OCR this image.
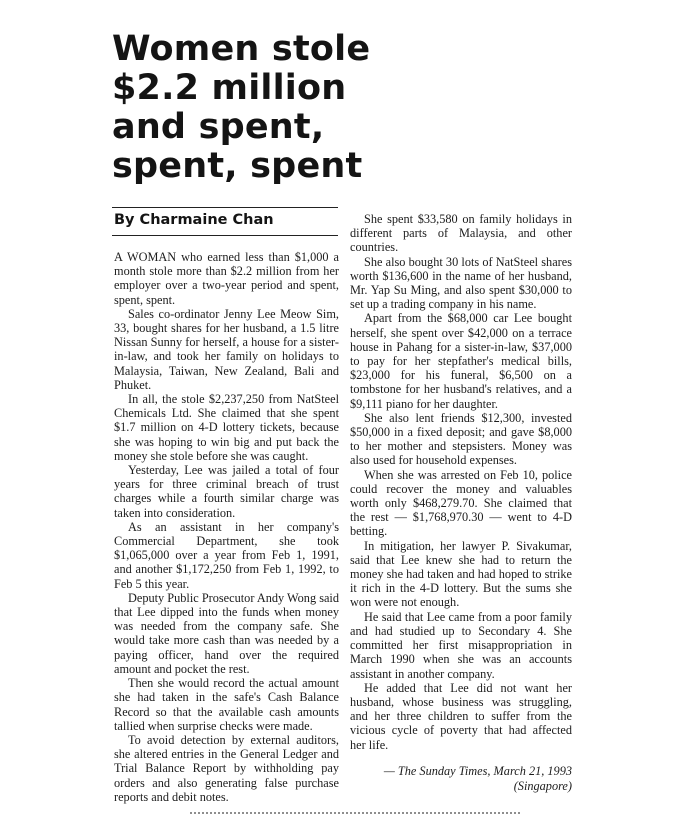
Women stole
$2.2 million
and spent,
spent, spent
By Charmaine Chan

A WOMAN who earned less than $1,000 a month stole more than $2.2 million from her employer over a two-year period and spent, spent, spent.

Sales co-ordinator Jenny Lee Meow Sim, 33, bought shares for her husband, a 1.5 litre Nissan Sunny for herself, a house for a sister-in-law, and took her family on holidays to Malaysia, Taiwan, New Zealand, Bali and Phuket.

In all, the stole $2,237,250 from NatSteel Chemicals Ltd. She claimed that she spent $1.7 million on 4-D lottery tickets, because she was hoping to win big and put back the money she stole before she was caught.

Yesterday, Lee was jailed a total of four years for three criminal breach of trust charges while a fourth similar charge was taken into consideration.

As an assistant in her company's Commercial Department, she took $1,065,000 over a year from Feb 1, 1991, and another $1,172,250 from Feb 1, 1992, to Feb 5 this year.

Deputy Public Prosecutor Andy Wong said that Lee dipped into the funds when money was needed from the company safe. She would take more cash than was needed by a paying officer, hand over the required amount and pocket the rest.

Then she would record the actual amount she had taken in the safe's Cash Balance Record so that the available cash amounts tallied when surprise checks were made.

To avoid detection by external auditors, she altered entries in the General Ledger and Trial Balance Report by withholding pay orders and also generating false purchase reports and debit notes.

She spent $33,580 on family holidays in different parts of Malaysia, and other countries.

She also bought 30 lots of NatSteel shares worth $136,600 in the name of her husband, Mr. Yap Su Ming, and also spent $30,000 to set up a trading company in his name.

Apart from the $68,000 car Lee bought herself, she spent over $42,000 on a terrace house in Pahang for a sister-in-law, $37,000 to pay for her stepfather's medical bills, $23,000 for his funeral, $6,500 on a tombstone for her husband's relatives, and a $9,111 piano for her daughter.

She also lent friends $12,300, invested $50,000 in a fixed deposit; and gave $8,000 to her mother and stepsisters. Money was also used for household expenses.

When she was arrested on Feb 10, police could recover the money and valuables worth only $468,279.70. She claimed that the rest — $1,768,970.30 — went to 4-D betting.

In mitigation, her lawyer P. Sivakumar, said that Lee knew she had to return the money she had taken and had hoped to strike it rich in the 4-D lottery. But the sums she won were not enough.

He said that Lee came from a poor family and had studied up to Secondary 4. She committed her first misappropriation in March 1990 when she was an accounts assistant in another company.

He added that Lee did not want her husband, whose business was struggling, and her three children to suffer from the vicious cycle of poverty that had affected her life.

— The Sunday Times, March 21, 1993
(Singapore)
